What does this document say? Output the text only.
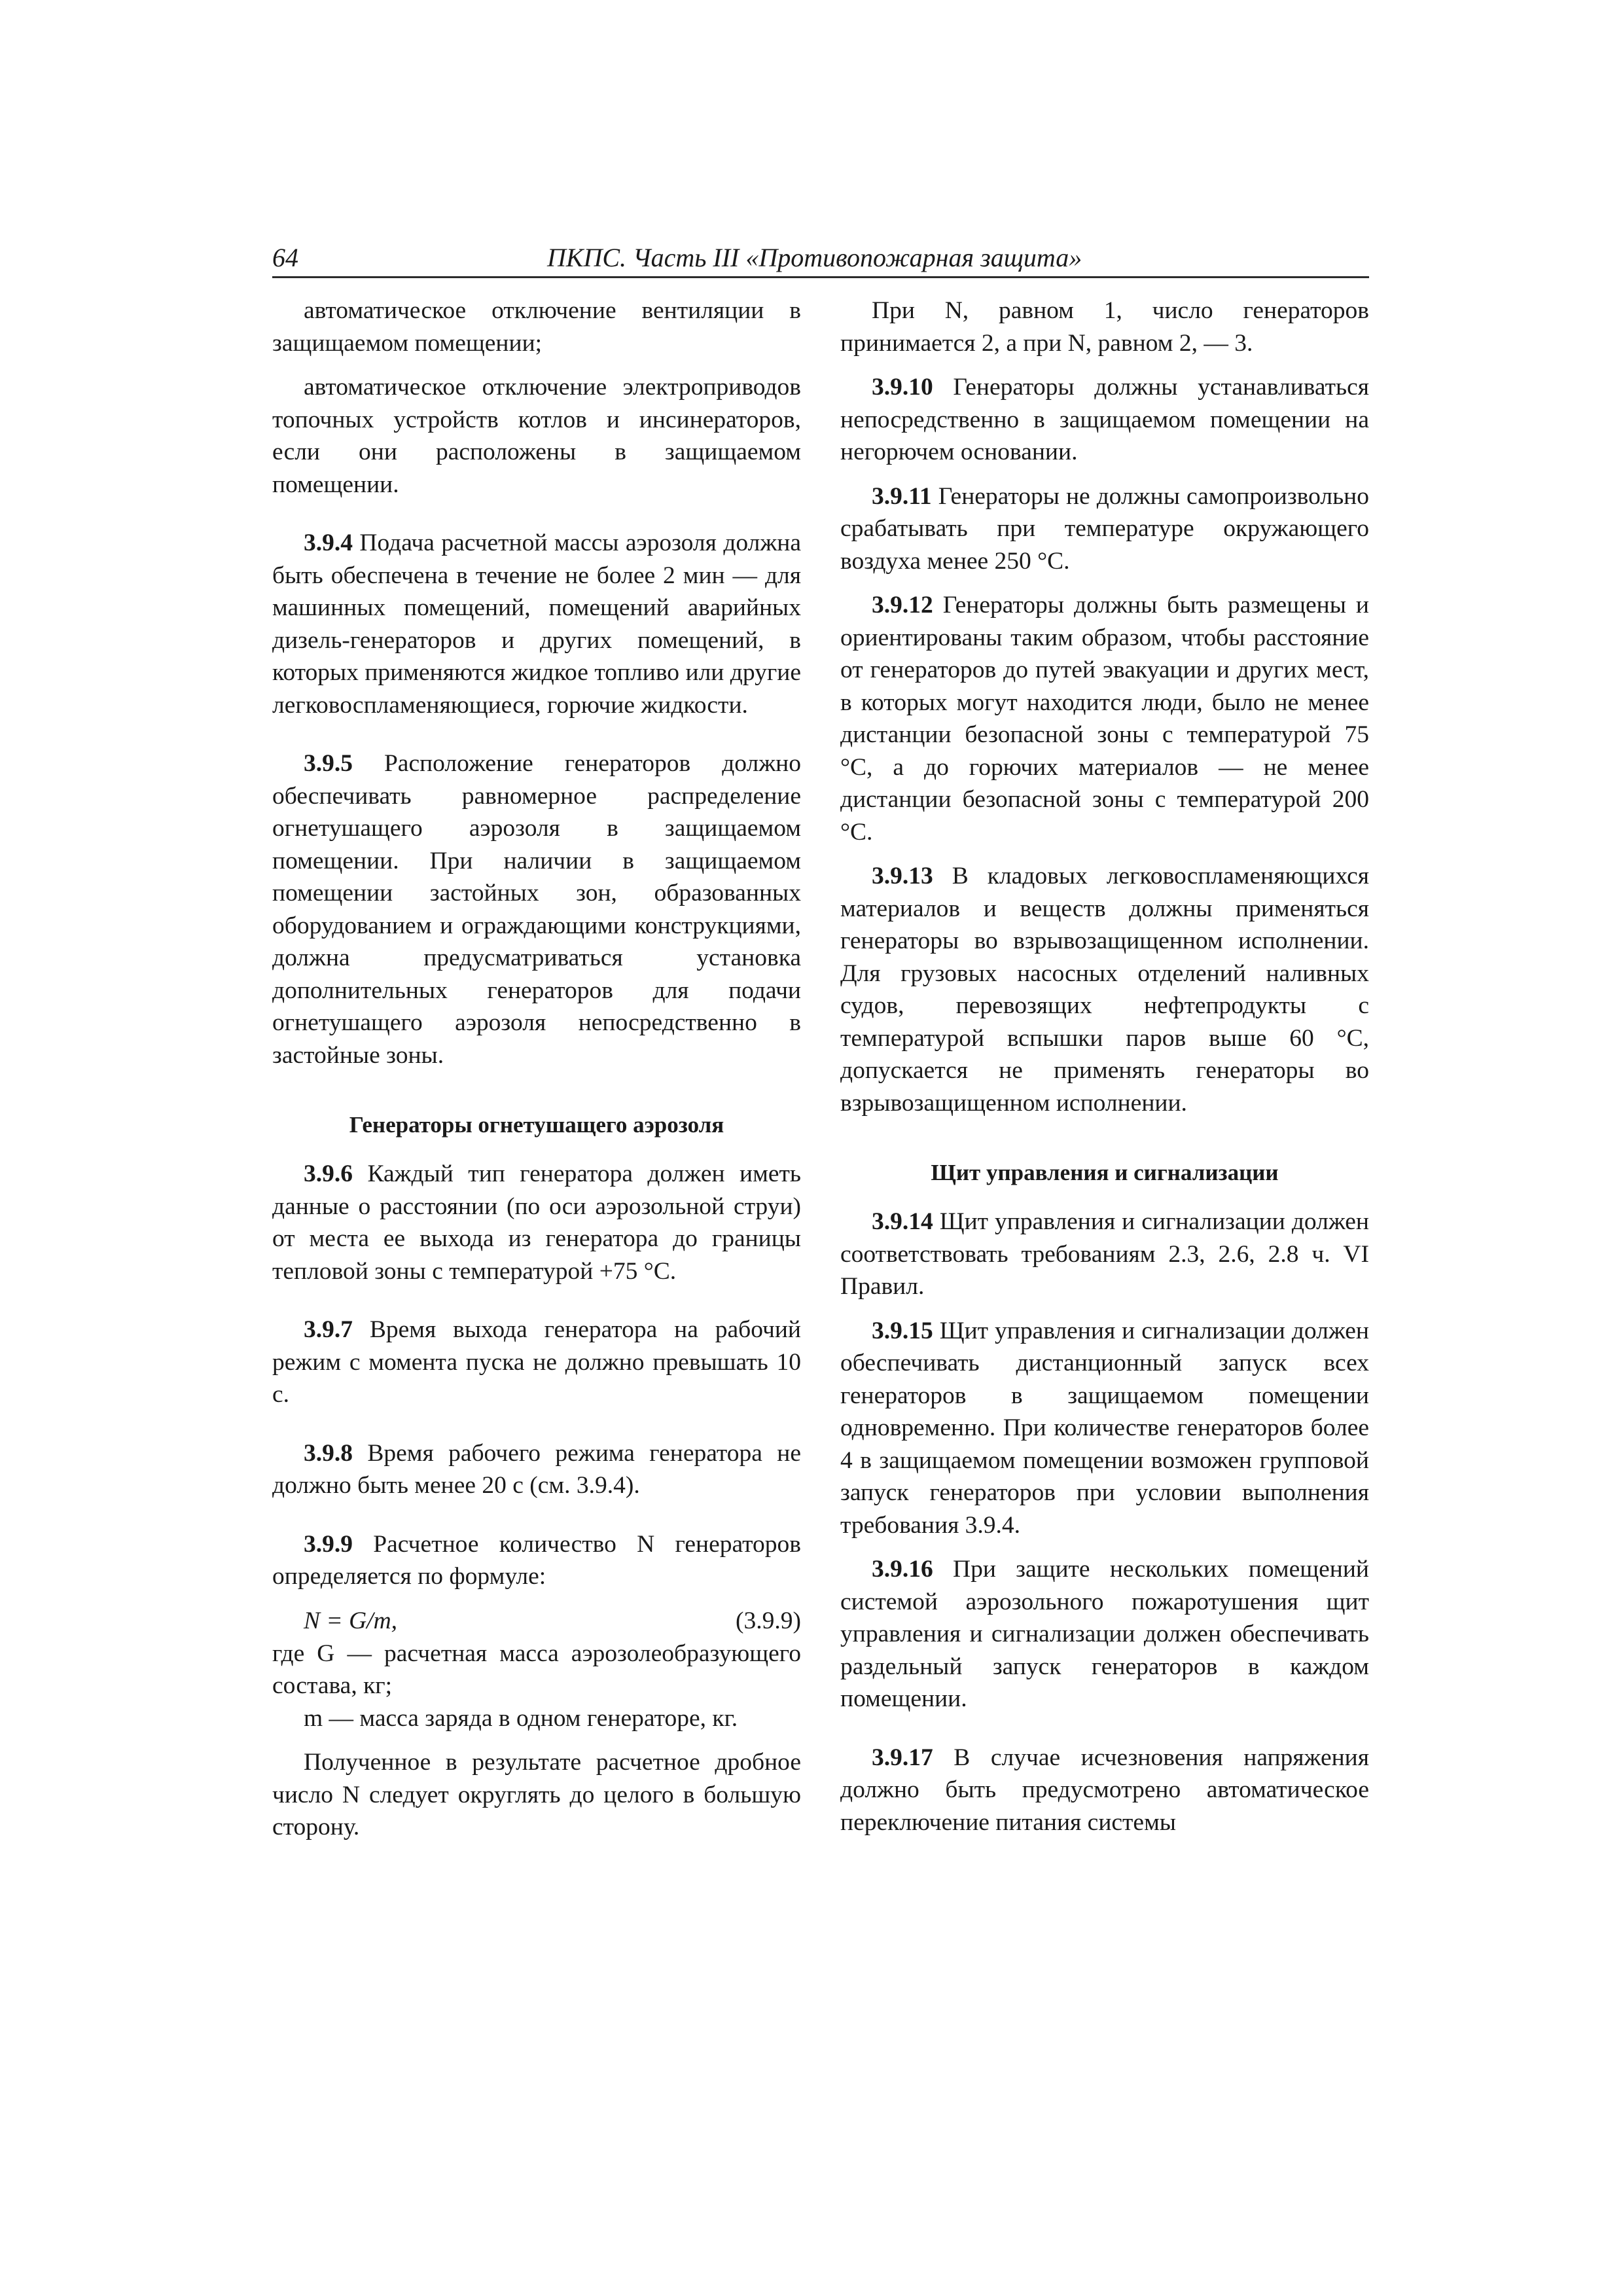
64	ПКПС. Часть III «Противопожарная защита»

автоматическое отключение вентиляции в защищаемом помещении;

автоматическое отключение электроприводов топочных устройств котлов и инсинераторов, если они расположены в защищаемом помещении.

3.9.4 Подача расчетной массы аэрозоля должна быть обеспечена в течение не более 2 мин — для машинных помещений, помещений аварийных дизель-генераторов и других помещений, в которых применяются жидкое топливо или другие легковоспламеняющиеся, горючие жидкости.

3.9.5 Расположение генераторов должно обеспечивать равномерное распределение огнетушащего аэрозоля в защищаемом помещении. При наличии в защищаемом помещении застойных зон, образованных оборудованием и ограждающими конструкциями, должна предусматриваться установка дополнительных генераторов для подачи огнетушащего аэрозоля непосредственно в застойные зоны.

Генераторы огнетушащего аэрозоля

3.9.6 Каждый тип генератора должен иметь данные о расстоянии (по оси аэрозольной струи) от места ее выхода из генератора до границы тепловой зоны с температурой +75 °С.

3.9.7 Время выхода генератора на рабочий режим с момента пуска не должно превышать 10 с.

3.9.8 Время рабочего режима генератора не должно быть менее 20 с (см. 3.9.4).

3.9.9 Расчетное количество N генераторов определяется по формуле:

N = G/m,	(3.9.9)

где G — расчетная масса аэрозолеобразующего состава, кг;

m — масса заряда в одном генераторе, кг.

Полученное в результате расчетное дробное число N следует округлять до целого в большую сторону.

При N, равном 1, число генераторов принимается 2, а при N, равном 2, — 3.

3.9.10 Генераторы должны устанавливаться непосредственно в защищаемом помещении на негорючем основании.

3.9.11 Генераторы не должны самопроизвольно срабатывать при температуре окружающего воздуха менее 250 °С.

3.9.12 Генераторы должны быть размещены и ориентированы таким образом, чтобы расстояние от генераторов до путей эвакуации и других мест, в которых могут находится люди, было не менее дистанции безопасной зоны с температурой 75 °С, а до горючих материалов — не менее дистанции безопасной зоны с температурой 200 °С.

3.9.13 В кладовых легковоспламеняющихся материалов и веществ должны применяться генераторы во взрывозащищенном исполнении. Для грузовых насосных отделений наливных судов, перевозящих нефтепродукты с температурой вспышки паров выше 60 °С, допускается не применять генераторы во взрывозащищенном исполнении.

Щит управления и сигнализации

3.9.14 Щит управления и сигнализации должен соответствовать требованиям 2.3, 2.6, 2.8 ч. VI Правил.

3.9.15 Щит управления и сигнализации должен обеспечивать дистанционный запуск всех генераторов в защищаемом помещении одновременно. При количестве генераторов более 4 в защищаемом помещении возможен групповой запуск генераторов при условии выполнения требования 3.9.4.

3.9.16 При защите нескольких помещений системой аэрозольного пожаротушения щит управления и сигнализации должен обеспечивать раздельный запуск генераторов в каждом помещении.

3.9.17 В случае исчезновения напряжения должно быть предусмотрено автоматическое переключение питания системы
